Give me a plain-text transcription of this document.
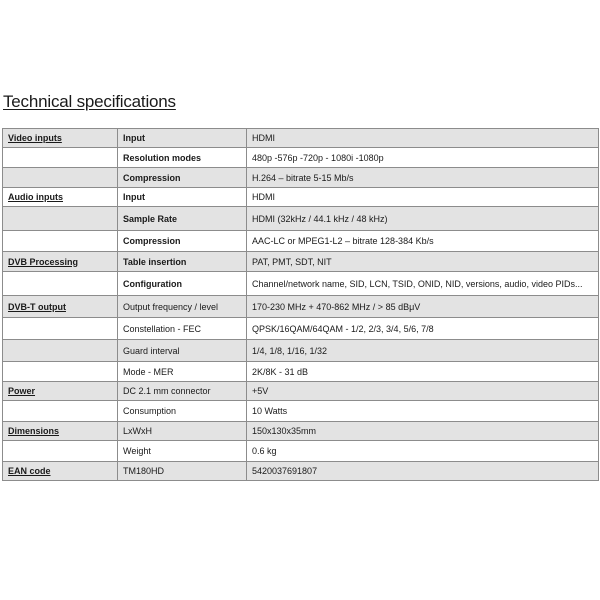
Technical specifications
Video inputs	Input	HDMI
	Resolution modes	480p -576p -720p - 1080i -1080p
	Compression	H.264 – bitrate 5-15 Mb/s
Audio inputs	Input	HDMI
	Sample Rate	HDMI (32kHz / 44.1 kHz / 48 kHz)
	Compression	AAC-LC or MPEG1-L2 – bitrate 128-384 Kb/s
DVB Processing	Table insertion	PAT, PMT, SDT, NIT
	Configuration	Channel/network name, SID, LCN, TSID, ONID, NID, versions, audio, video PIDs...
DVB-T output	Output frequency / level	170-230 MHz + 470-862 MHz / > 85 dBμV
	Constellation - FEC	QPSK/16QAM/64QAM - 1/2, 2/3, 3/4, 5/6, 7/8
	Guard interval	1/4, 1/8, 1/16, 1/32
	Mode - MER	2K/8K - 31 dB
Power	DC 2.1 mm connector	+5V
	Consumption	10 Watts
Dimensions	LxWxH	150x130x35mm
	Weight	0.6 kg
EAN code	TM180HD	5420037691807
